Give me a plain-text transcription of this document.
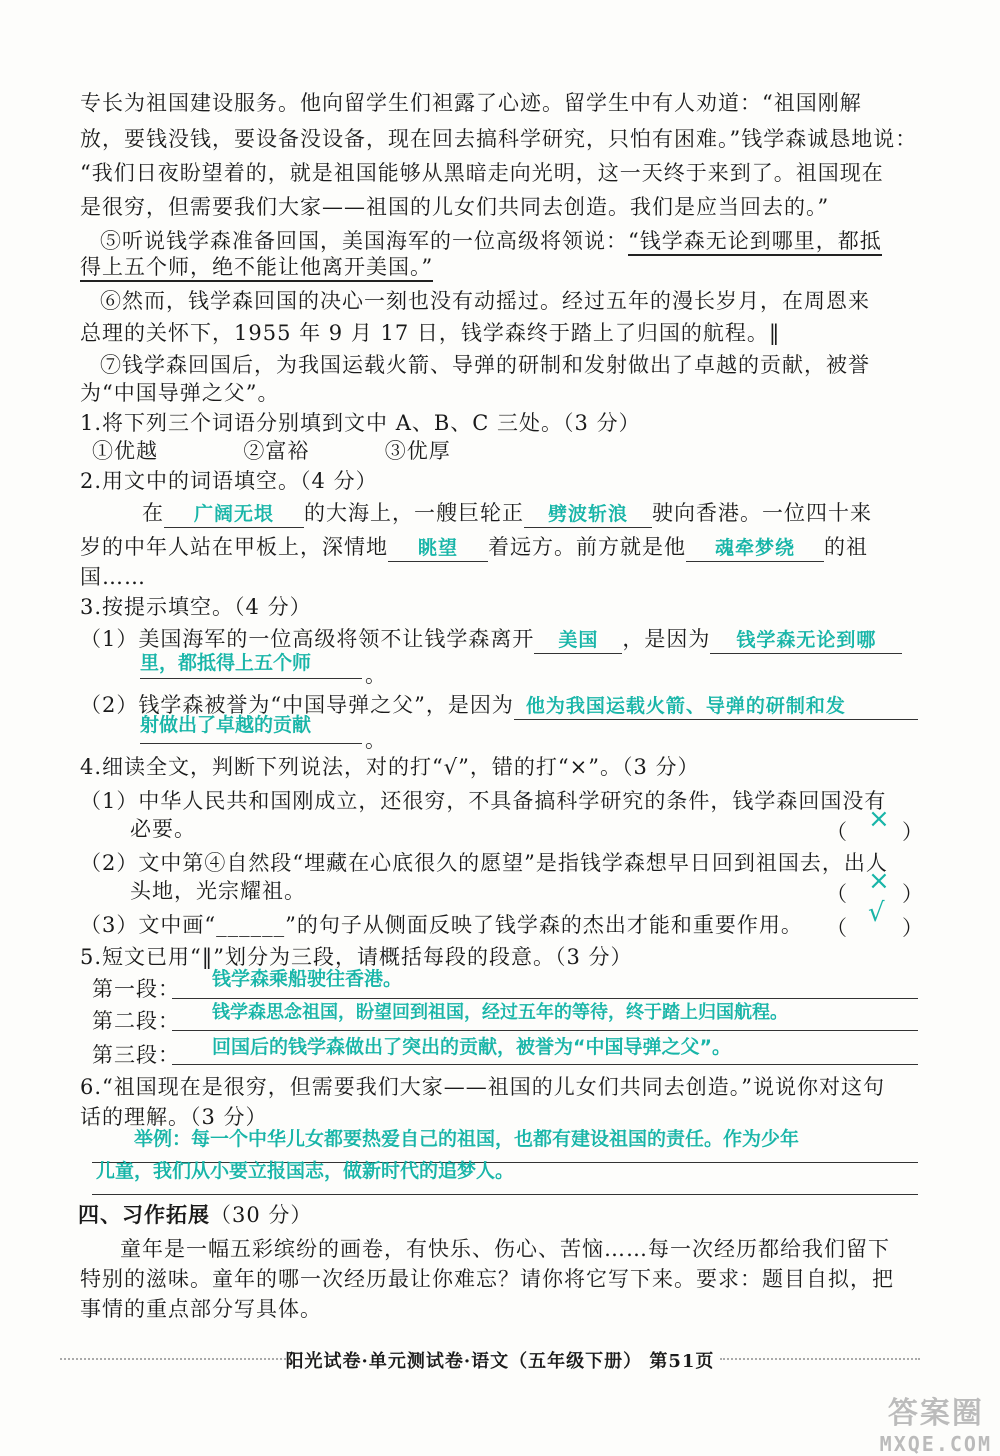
专长为祖国建设服务。他向留学生们袒露了心迹。留学生中有人劝道：“祖国刚解
放，要钱没钱，要设备没设备，现在回去搞科学研究，只怕有困难。”钱学森诚恳地说：
“我们日夜盼望着的，就是祖国能够从黑暗走向光明，这一天终于来到了。祖国现在
是很穷，但需要我们大家——祖国的儿女们共同去创造。我们是应当回去的。”
⑤听说钱学森准备回国，美国海军的一位高级将领说：“钱学森无论到哪里，都抵
得上五个师，绝不能让他离开美国。”
⑥然而，钱学森回国的决心一刻也没有动摇过。经过五年的漫长岁月，在周恩来
总理的关怀下，1955 年 9 月 17 日，钱学森终于踏上了归国的航程。‖
⑦钱学森回国后，为我国运载火箭、导弹的研制和发射做出了卓越的贡献，被誉
为“中国导弹之父”。
1.将下列三个词语分别填到文中 A、B、C 三处。（3 分）
①优越	②富裕	③优厚
2.用文中的词语填空。（4 分）
在 广阔无垠 的大海上，一艘巨轮正 劈波斩浪 驶向香港。一位四十来
岁的中年人站在甲板上，深情地 眺望 着远方。前方就是他 魂牵梦绕 的祖
国……
3.按提示填空。（4 分）
（1）美国海军的一位高级将领不让钱学森离开 美国 ，是因为 钱学森无论到哪
里，都抵得上五个师	。
（2）钱学森被誉为“中国导弹之父”，是因为 他为我国运载火箭、导弹的研制和发
射做出了卓越的贡献
。
4.细读全文，判断下列说法，对的打“√”，错的打“×”。（3 分）
（1）中华人民共和国刚成立，还很穷，不具备搞科学研究的条件，钱学森回国没有
必要。	（ × ）
（2）文中第④自然段“埋藏在心底很久的愿望”是指钱学森想早日回到祖国去，出人
头地，光宗耀祖。	（ × ）
（3）文中画“______”的句子从侧面反映了钱学森的杰出才能和重要作用。 （ √ ）
5.短文已用“‖”划分为三段，请概括每段的段意。（3 分）
第一段： 钱学森乘船驶往香港。
第二段： 钱学森思念祖国，盼望回到祖国，经过五年的等待，终于踏上归国航程。
第三段： 回国后的钱学森做出了突出的贡献，被誉为“中国导弹之父”。
6.“祖国现在是很穷，但需要我们大家——祖国的儿女们共同去创造。”说说你对这句
话的理解。（3 分）
举例：每一个中华儿女都要热爱自己的祖国，也都有建设祖国的责任。作为少年
儿童，我们从小要立报国志，做新时代的追梦人。
四、习作拓展（30 分）
童年是一幅五彩缤纷的画卷，有快乐、伤心、苦恼……每一次经历都给我们留下
特别的滋味。童年的哪一次经历最让你难忘？请你将它写下来。要求：题目自拟，把
事情的重点部分写具体。
阳光试卷·单元测试卷·语文（五年级下册） 第51页
答案圈
MXQE.COM
